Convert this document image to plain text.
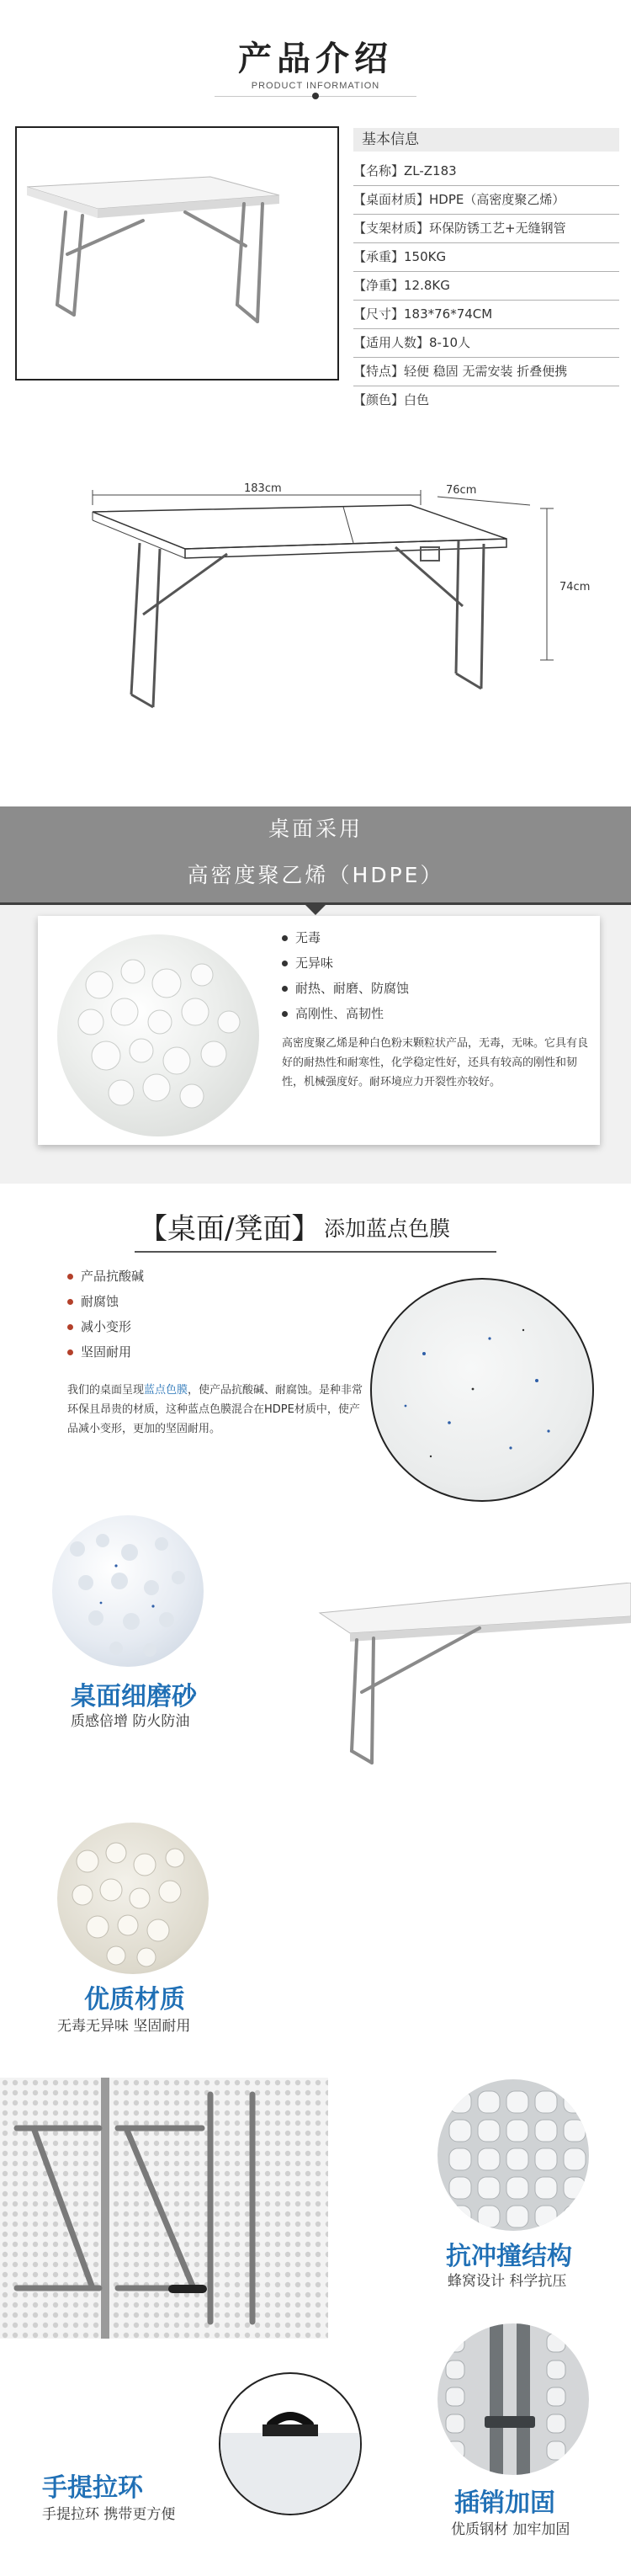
产品介绍
PRODUCT INFORMATION
基本信息
【名称】ZL-Z183
【桌面材质】HDPE（高密度聚乙烯）
【支架材质】环保防锈工艺+无缝钢管
【承重】150KG
【净重】12.8KG
【尺寸】183*76*74CM
【适用人数】8-10人
【特点】轻便 稳固 无需安装 折叠便携
【颜色】白色
183cm	76cm
74cm
桌面采用
高密度聚乙烯（HDPE）
无毒
无异味
耐热、耐磨、防腐蚀
高刚性、高韧性
高密度聚乙烯是种白色粉末颗粒状产品，无毒，无味。它具有良好的耐热性和耐寒性，化学稳定性好，还具有较高的刚性和韧性，机械强度好。耐环境应力开裂性亦较好。
【桌面/凳面】 添加蓝点色膜
产品抗酸碱
耐腐蚀
减小变形
坚固耐用
我们的桌面呈现蓝点色膜，使产品抗酸碱、耐腐蚀。是种非常环保且昂贵的材质，这种蓝点色膜混合在HDPE材质中，使产品减小变形，更加的坚固耐用。
桌面细磨砂
质感倍增 防火防油
优质材质
无毒无异味 坚固耐用
抗冲撞结构
蜂窝设计 科学抗压
手提拉环
手提拉环 携带更方便	插销加固
优质钢材 加牢加固
